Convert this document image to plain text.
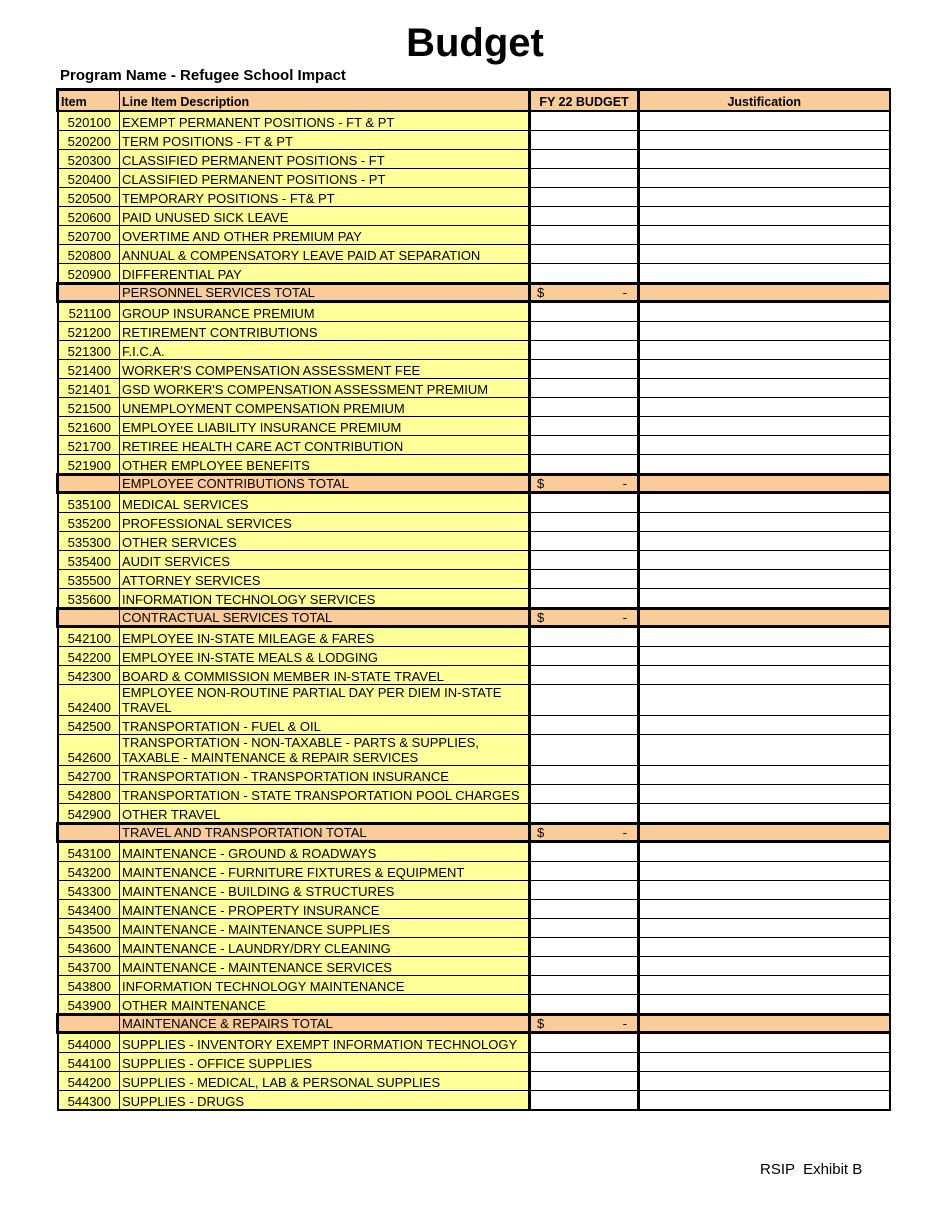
Budget
Program Name - Refugee School Impact
Item	Line Item Description	FY 22 BUDGET	Justification
520100	EXEMPT PERMANENT POSITIONS - FT & PT		
520200	TERM POSITIONS - FT & PT		
520300	CLASSIFIED PERMANENT POSITIONS - FT		
520400	CLASSIFIED PERMANENT POSITIONS - PT		
520500	TEMPORARY POSITIONS - FT& PT		
520600	PAID UNUSED SICK LEAVE		
520700	OVERTIME AND OTHER PREMIUM PAY		
520800	ANNUAL & COMPENSATORY LEAVE PAID AT SEPARATION		
520900	DIFFERENTIAL PAY		
	PERSONNEL SERVICES TOTAL	$ -	

521100	GROUP INSURANCE PREMIUM		
521200	RETIREMENT CONTRIBUTIONS		
521300	F.I.C.A.		
521400	WORKER'S COMPENSATION ASSESSMENT FEE		
521401	GSD WORKER'S COMPENSATION ASSESSMENT PREMIUM		
521500	UNEMPLOYMENT COMPENSATION PREMIUM		
521600	EMPLOYEE LIABILITY INSURANCE PREMIUM		
521700	RETIREE HEALTH CARE ACT CONTRIBUTION		
521900	OTHER EMPLOYEE BENEFITS		
	EMPLOYEE CONTRIBUTIONS TOTAL	$ -	

535100	MEDICAL SERVICES		
535200	PROFESSIONAL SERVICES		
535300	OTHER SERVICES		
535400	AUDIT SERVICES		
535500	ATTORNEY SERVICES		
535600	INFORMATION TECHNOLOGY SERVICES		
	CONTRACTUAL SERVICES TOTAL	$ -	

542100	EMPLOYEE IN-STATE MILEAGE & FARES		
542200	EMPLOYEE IN-STATE MEALS & LODGING		
542300	BOARD & COMMISSION MEMBER IN-STATE TRAVEL		
542400	EMPLOYEE NON-ROUTINE PARTIAL DAY PER DIEM IN-STATE TRAVEL		
542500	TRANSPORTATION - FUEL & OIL		
542600	TRANSPORTATION - NON-TAXABLE - PARTS & SUPPLIES, TAXABLE - MAINTENANCE & REPAIR SERVICES		
542700	TRANSPORTATION - TRANSPORTATION INSURANCE		
542800	TRANSPORTATION - STATE TRANSPORTATION POOL CHARGES		
542900	OTHER TRAVEL		
	TRAVEL AND TRANSPORTATION TOTAL	$ -	

543100	MAINTENANCE - GROUND & ROADWAYS		
543200	MAINTENANCE - FURNITURE FIXTURES & EQUIPMENT		
543300	MAINTENANCE - BUILDING & STRUCTURES		
543400	MAINTENANCE - PROPERTY INSURANCE		
543500	MAINTENANCE - MAINTENANCE SUPPLIES		
543600	MAINTENANCE - LAUNDRY/DRY CLEANING		
543700	MAINTENANCE - MAINTENANCE SERVICES		
543800	INFORMATION TECHNOLOGY MAINTENANCE		
543900	OTHER MAINTENANCE		
	MAINTENANCE & REPAIRS TOTAL	$ -	

544000	SUPPLIES - INVENTORY EXEMPT INFORMATION TECHNOLOGY		
544100	SUPPLIES - OFFICE SUPPLIES		
544200	SUPPLIES - MEDICAL, LAB & PERSONAL SUPPLIES		
544300	SUPPLIES - DRUGS		
RSIP  Exhibit B
